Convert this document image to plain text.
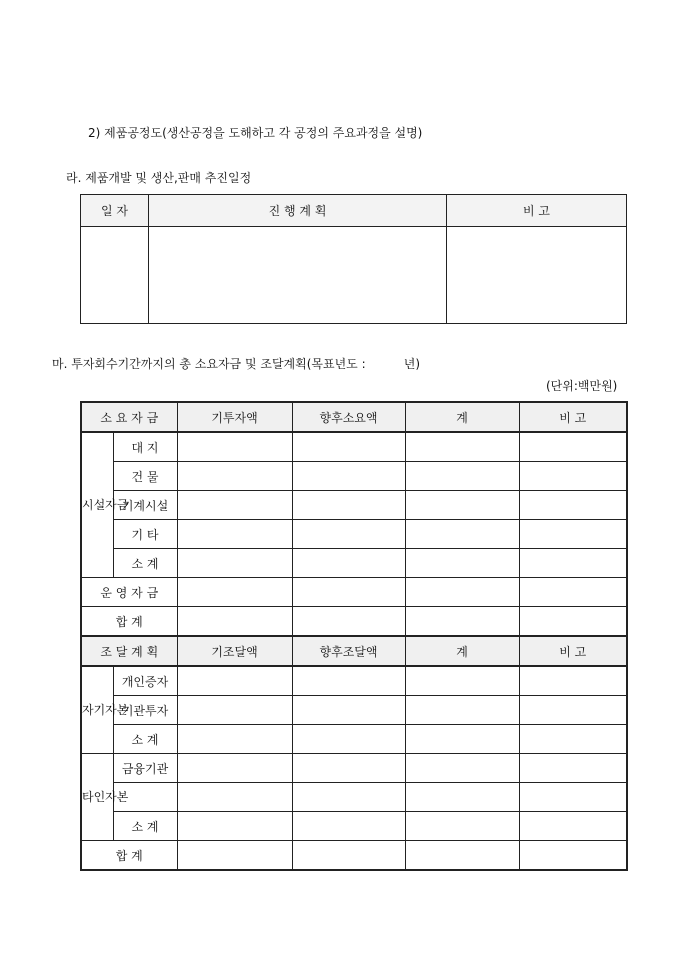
2) 제품공정도(생산공정을 도해하고 각 공정의 주요과정을 설명)
라. 제품개발 및 생산,판매 추진일정
일 자	진 행 계 획	비 고

마. 투자회수기간까지의 총 소요자금 및 조달계획(목표년도 :          년)
(단위:백만원)
소 요 자 금		기투자액	향후소요액	계	비 고
시설자금	대 지				
	건 물				
	기계시설				
	기 타				
	소 계				
운 영 자 금					
합 계					
조 달 계 획		기조달액	향후조달액	계	비 고
자기자본	개인증자				
	기관투자				
	소 계				
타인자본	금융기관				

	소 계				
합 계					
